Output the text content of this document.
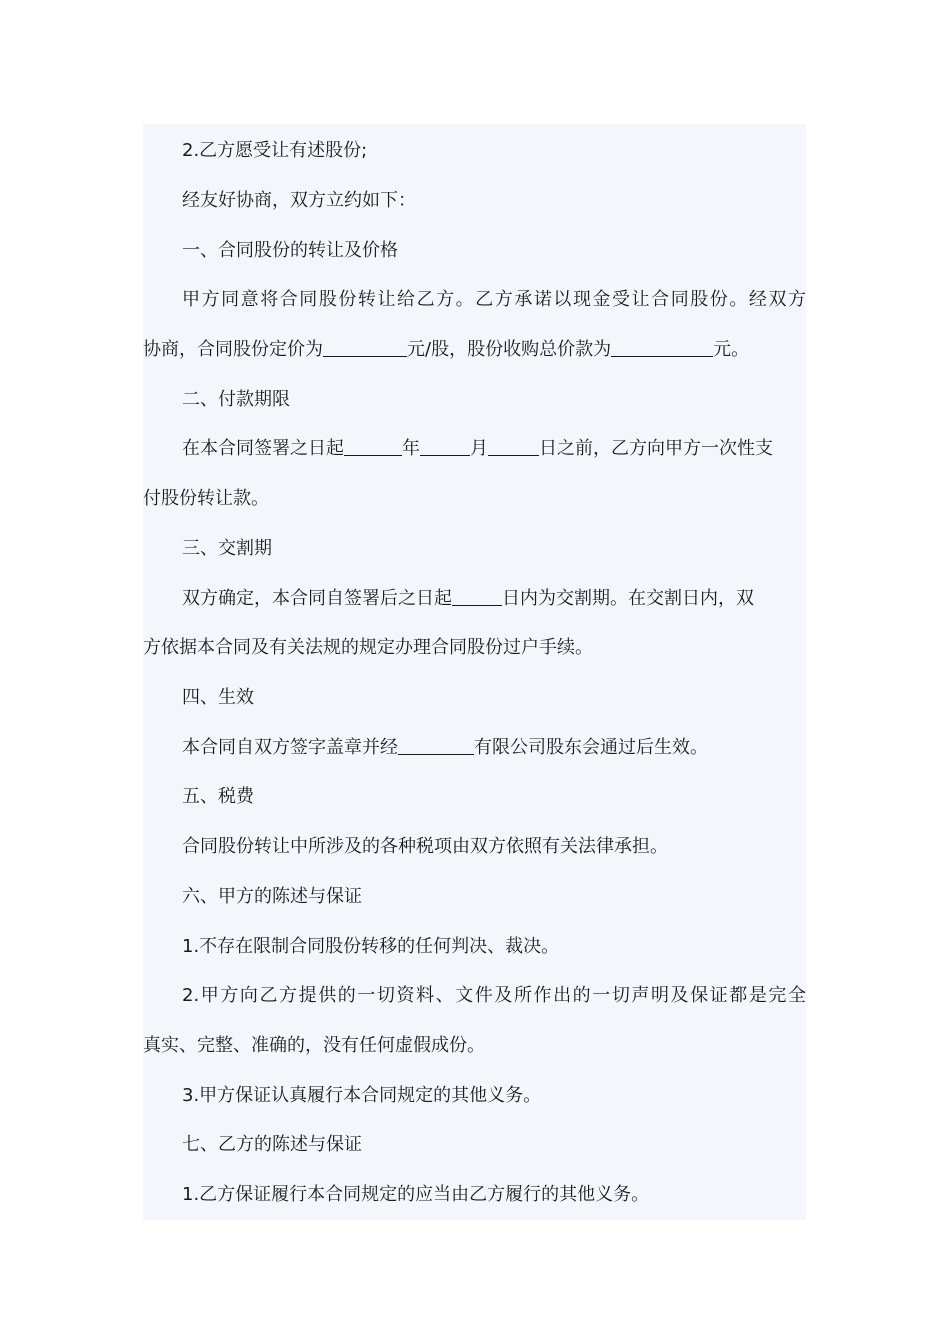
2.乙方愿受让有述股份;
经友好协商，双方立约如下：
一、合同股份的转让及价格
甲方同意将合同股份转让给乙方。乙方承诺以现金受让合同股份。经双方
协商，合同股份定价为	元/股，股份收购总价款为	元。
二、付款期限
在本合同签署之日起	年	月	日之前，乙方向甲方一次性支
付股份转让款。
三、交割期
双方确定，本合同自签署后之日起	日内为交割期。在交割日内，双
方依据本合同及有关法规的规定办理合同股份过户手续。
四、生效
本合同自双方签字盖章并经	有限公司股东会通过后生效。
五、税费
合同股份转让中所涉及的各种税项由双方依照有关法律承担。
六、甲方的陈述与保证
1.不存在限制合同股份转移的任何判决、裁决。
2.甲方向乙方提供的一切资料、文件及所作出的一切声明及保证都是完全
真实、完整、准确的，没有任何虚假成份。
3.甲方保证认真履行本合同规定的其他义务。
七、乙方的陈述与保证
1.乙方保证履行本合同规定的应当由乙方履行的其他义务。
